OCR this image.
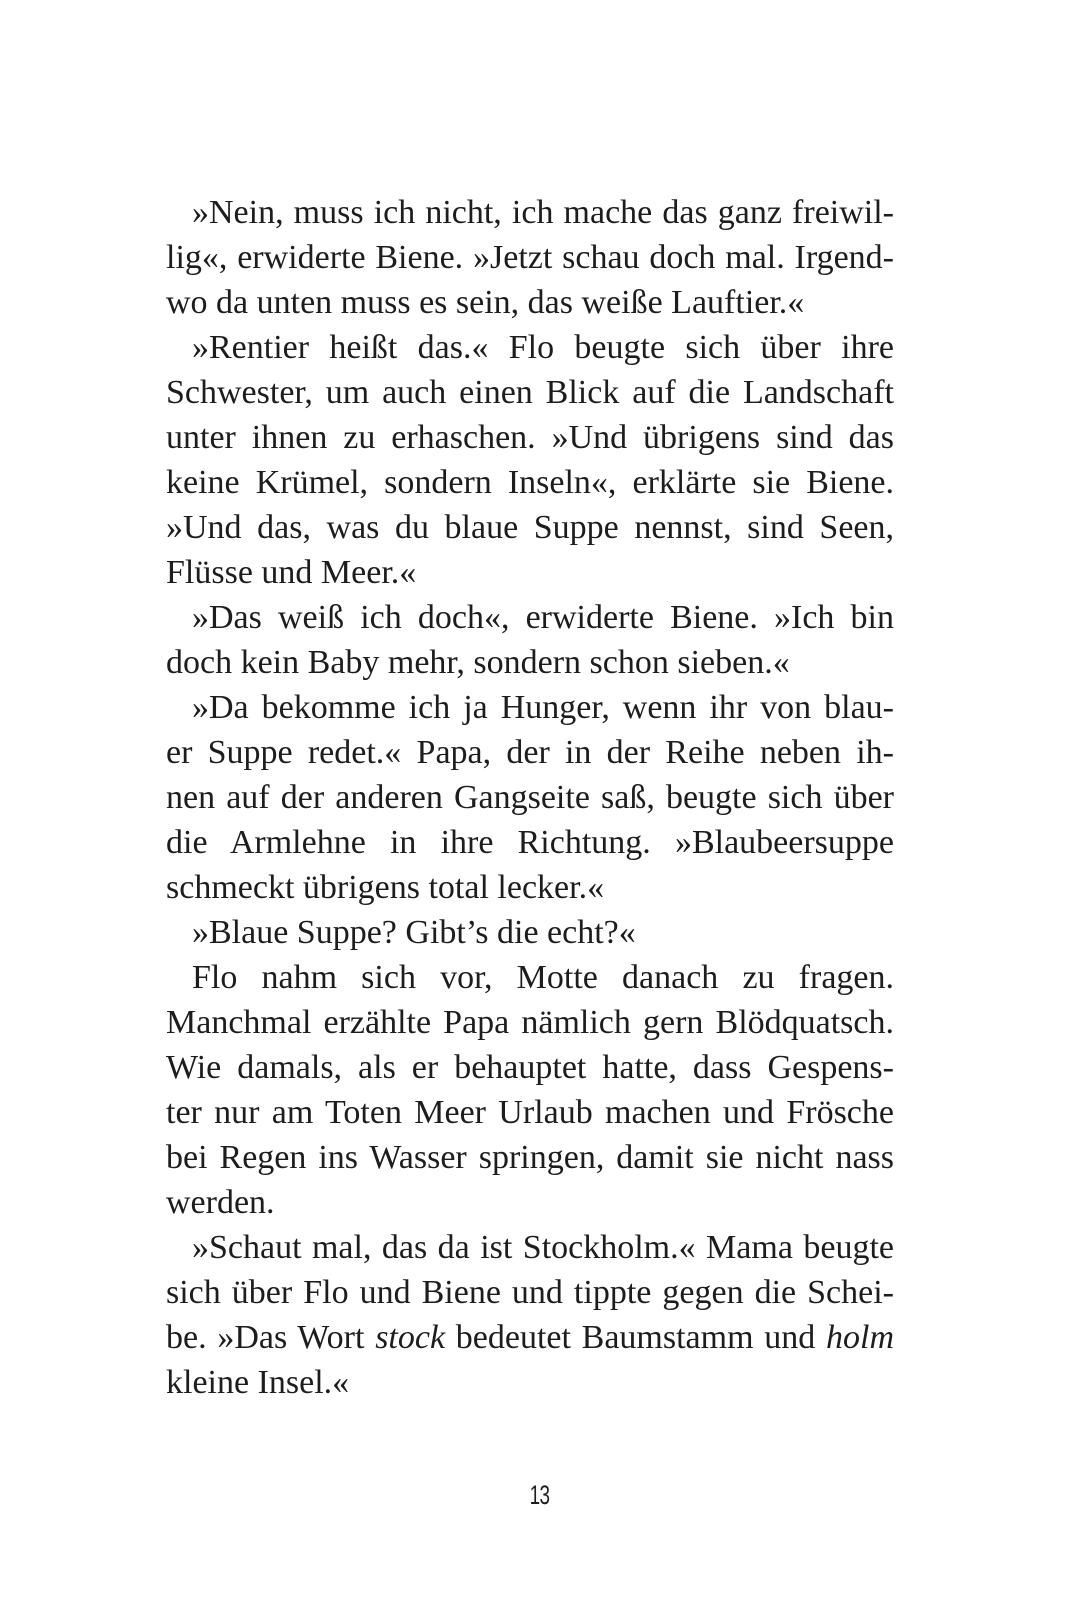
»Nein, muss ich nicht, ich mache das ganz freiwil-
lig«, erwiderte Biene. »Jetzt schau doch mal. Irgend-
wo da unten muss es sein, das weiße Lauftier.«
»Rentier heißt das.« Flo beugte sich über ihre
Schwester, um auch einen Blick auf die Landschaft
unter ihnen zu erhaschen. »Und übrigens sind das
keine Krümel, sondern Inseln«, erklärte sie Biene.
»Und das, was du blaue Suppe nennst, sind Seen,
Flüsse und Meer.«
»Das weiß ich doch«, erwiderte Biene. »Ich bin
doch kein Baby mehr, sondern schon sieben.«
»Da bekomme ich ja Hunger, wenn ihr von blau-
er Suppe redet.« Papa, der in der Reihe neben ih-
nen auf der anderen Gangseite saß, beugte sich über
die Armlehne in ihre Richtung. »Blaubeersuppe
schmeckt übrigens total lecker.«
»Blaue Suppe? Gibt’s die echt?«
Flo nahm sich vor, Motte danach zu fragen.
Manchmal erzählte Papa nämlich gern Blödquatsch.
Wie damals, als er behauptet hatte, dass Gespens-
ter nur am Toten Meer Urlaub machen und Frösche
bei Regen ins Wasser springen, damit sie nicht nass
werden.
»Schaut mal, das da ist Stockholm.« Mama beugte
sich über Flo und Biene und tippte gegen die Schei-
be. »Das Wort stock bedeutet Baumstamm und holm
kleine Insel.«
13
